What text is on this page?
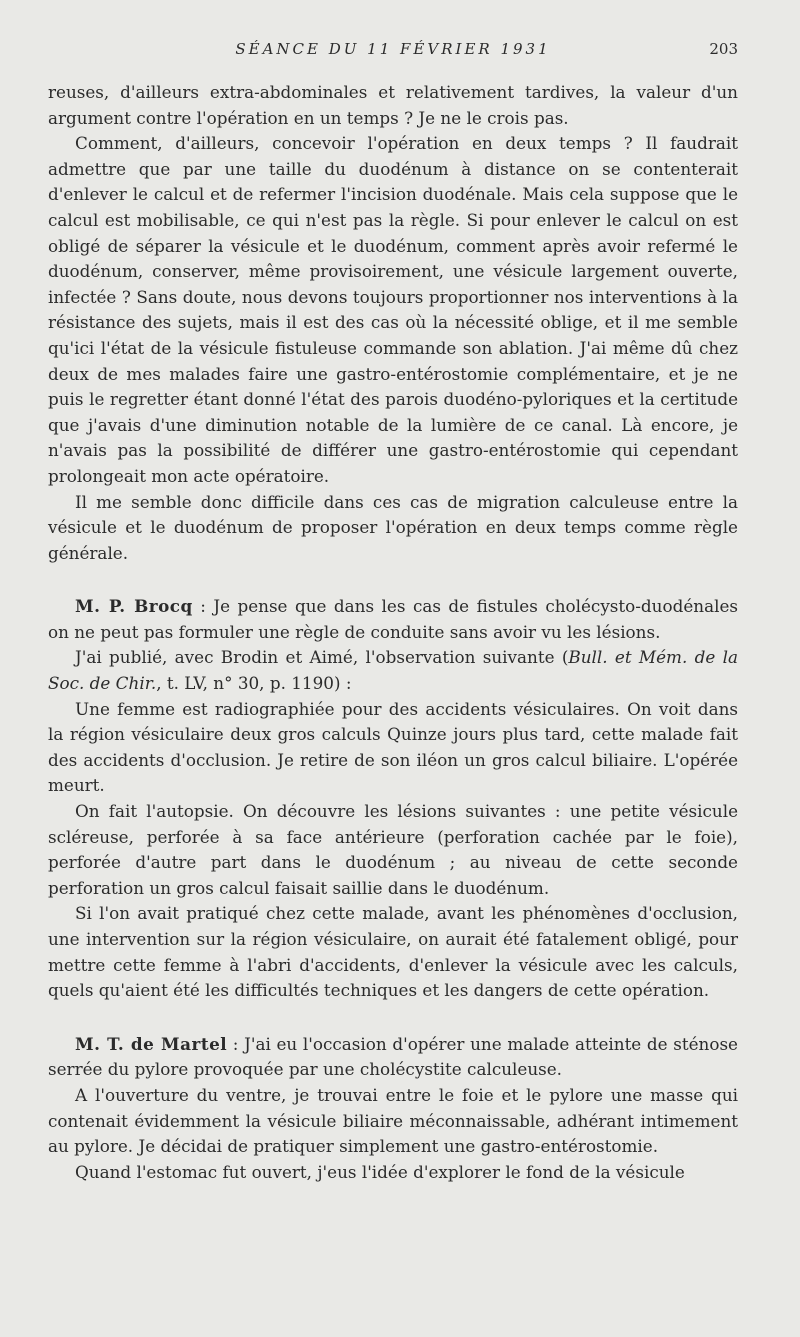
SÉANCE DU 11 FÉVRIER 1931	203

reuses, d'ailleurs extra-abdominales et relativement tardives, la valeur d'un argument contre l'opération en un temps ? Je ne le crois pas.

Comment, d'ailleurs, concevoir l'opération en deux temps ? Il faudrait admettre que par une taille du duodénum à distance on se contenterait d'enlever le calcul et de refermer l'incision duodénale. Mais cela suppose que le calcul est mobilisable, ce qui n'est pas la règle. Si pour enlever le calcul on est obligé de séparer la vésicule et le duodénum, comment après avoir refermé le duodénum, conserver, même provisoirement, une vésicule largement ouverte, infectée ? Sans doute, nous devons toujours proportionner nos interventions à la résistance des sujets, mais il est des cas où la nécessité oblige, et il me semble qu'ici l'état de la vésicule fistuleuse commande son ablation. J'ai même dû chez deux de mes malades faire une gastro-entérostomie complémentaire, et je ne puis le regretter étant donné l'état des parois duodéno-pyloriques et la certitude que j'avais d'une diminution notable de la lumière de ce canal. Là encore, je n'avais pas la possibilité de différer une gastro-entérostomie qui cependant prolongeait mon acte opératoire.

Il me semble donc difficile dans ces cas de migration calculeuse entre la vésicule et le duodénum de proposer l'opération en deux temps comme règle générale.

M. P. Brocq : Je pense que dans les cas de fistules cholécysto-duodénales on ne peut pas formuler une règle de conduite sans avoir vu les lésions.

J'ai publié, avec Brodin et Aimé, l'observation suivante (Bull. et Mém. de la Soc. de Chir., t. LV, n° 30, p. 1190) :

Une femme est radiographiée pour des accidents vésiculaires. On voit dans la région vésiculaire deux gros calculs Quinze jours plus tard, cette malade fait des accidents d'occlusion. Je retire de son iléon un gros calcul biliaire. L'opérée meurt.

On fait l'autopsie. On découvre les lésions suivantes : une petite vésicule scléreuse, perforée à sa face antérieure (perforation cachée par le foie), perforée d'autre part dans le duodénum ; au niveau de cette seconde perforation un gros calcul faisait saillie dans le duodénum.

Si l'on avait pratiqué chez cette malade, avant les phénomènes d'occlusion, une intervention sur la région vésiculaire, on aurait été fatalement obligé, pour mettre cette femme à l'abri d'accidents, d'enlever la vésicule avec les calculs, quels qu'aient été les difficultés techniques et les dangers de cette opération.

M. T. de Martel : J'ai eu l'occasion d'opérer une malade atteinte de sténose serrée du pylore provoquée par une cholécystite calculeuse.

A l'ouverture du ventre, je trouvai entre le foie et le pylore une masse qui contenait évidemment la vésicule biliaire méconnaissable, adhérant intimement au pylore. Je décidai de pratiquer simplement une gastro-entérostomie.

Quand l'estomac fut ouvert, j'eus l'idée d'explorer le fond de la vésicule
